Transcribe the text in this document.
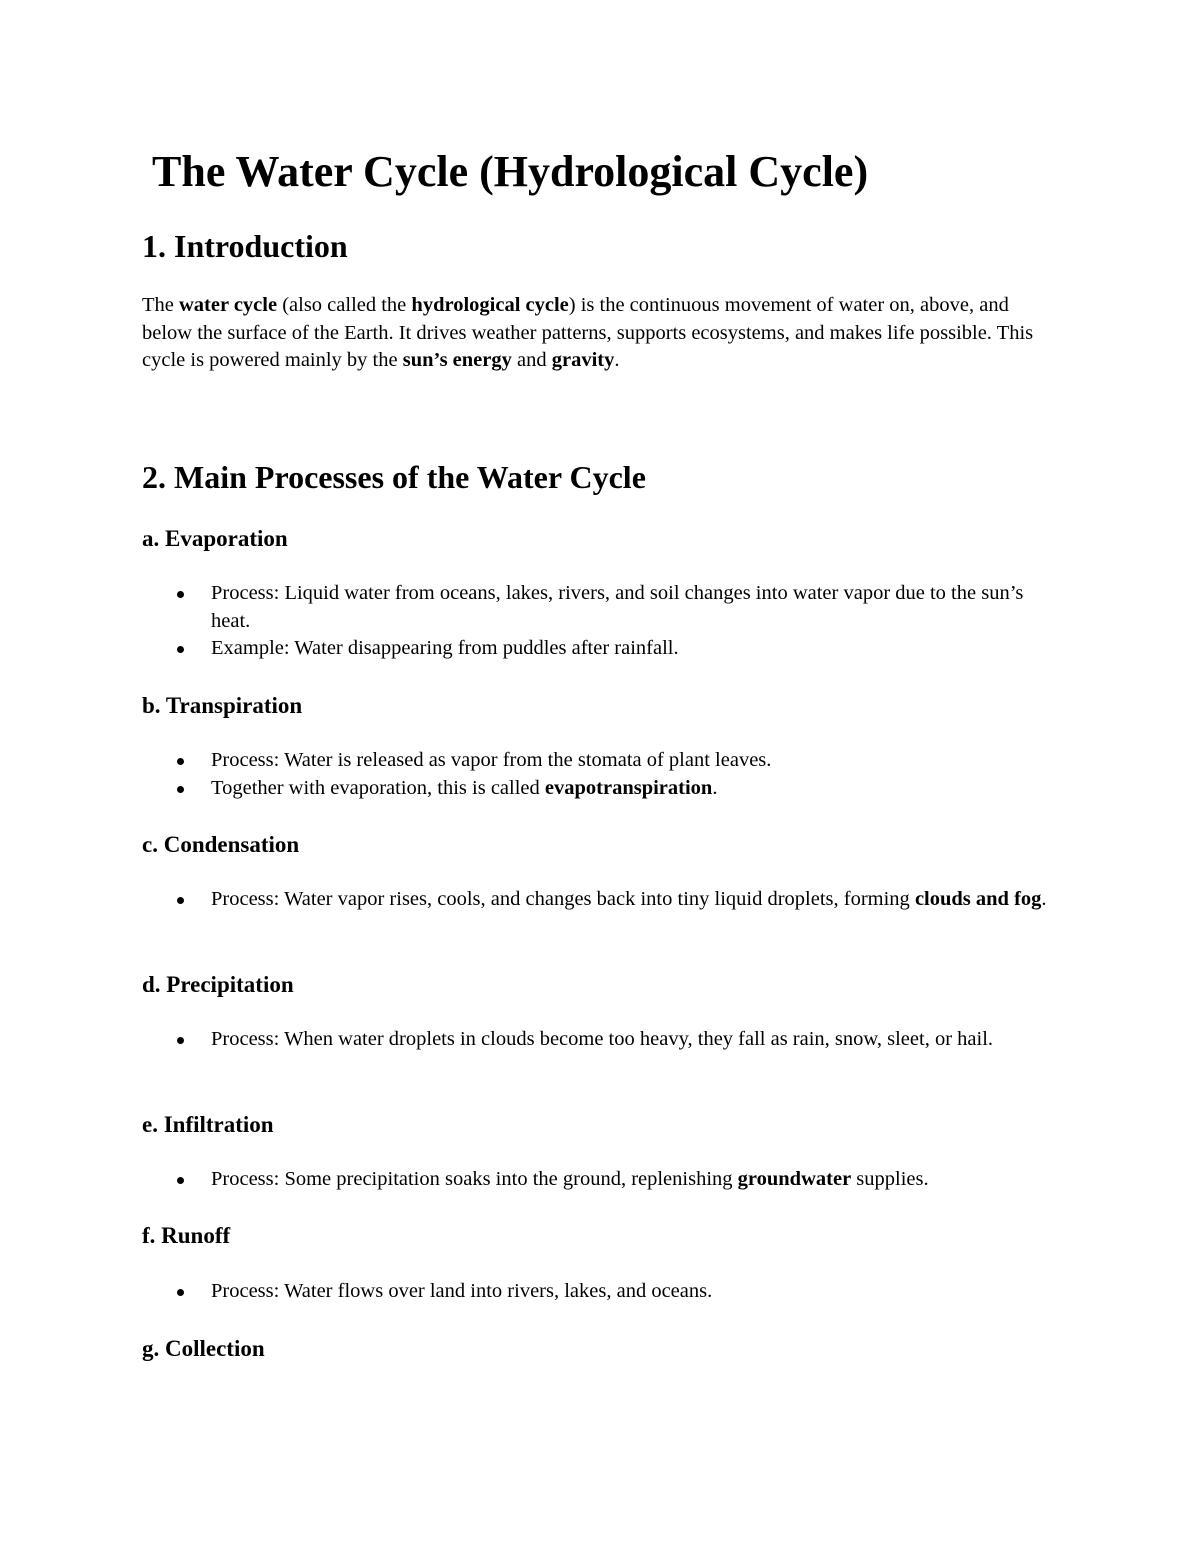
The Water Cycle (Hydrological Cycle)
1. Introduction

The water cycle (also called the hydrological cycle) is the continuous movement of water on, above, and below the surface of the Earth. It drives weather patterns, supports ecosystems, and makes life possible. This cycle is powered mainly by the sun’s energy and gravity.

2. Main Processes of the Water Cycle
a. Evaporation
Process: Liquid water from oceans, lakes, rivers, and soil changes into water vapor due to the sun’s heat.
Example: Water disappearing from puddles after rainfall.
b. Transpiration
Process: Water is released as vapor from the stomata of plant leaves.
Together with evaporation, this is called evapotranspiration.
c. Condensation
Process: Water vapor rises, cools, and changes back into tiny liquid droplets, forming clouds and fog.
d. Precipitation
Process: When water droplets in clouds become too heavy, they fall as rain, snow, sleet, or hail.
e. Infiltration
Process: Some precipitation soaks into the ground, replenishing groundwater supplies.
f. Runoff
Process: Water flows over land into rivers, lakes, and oceans.
g. Collection
